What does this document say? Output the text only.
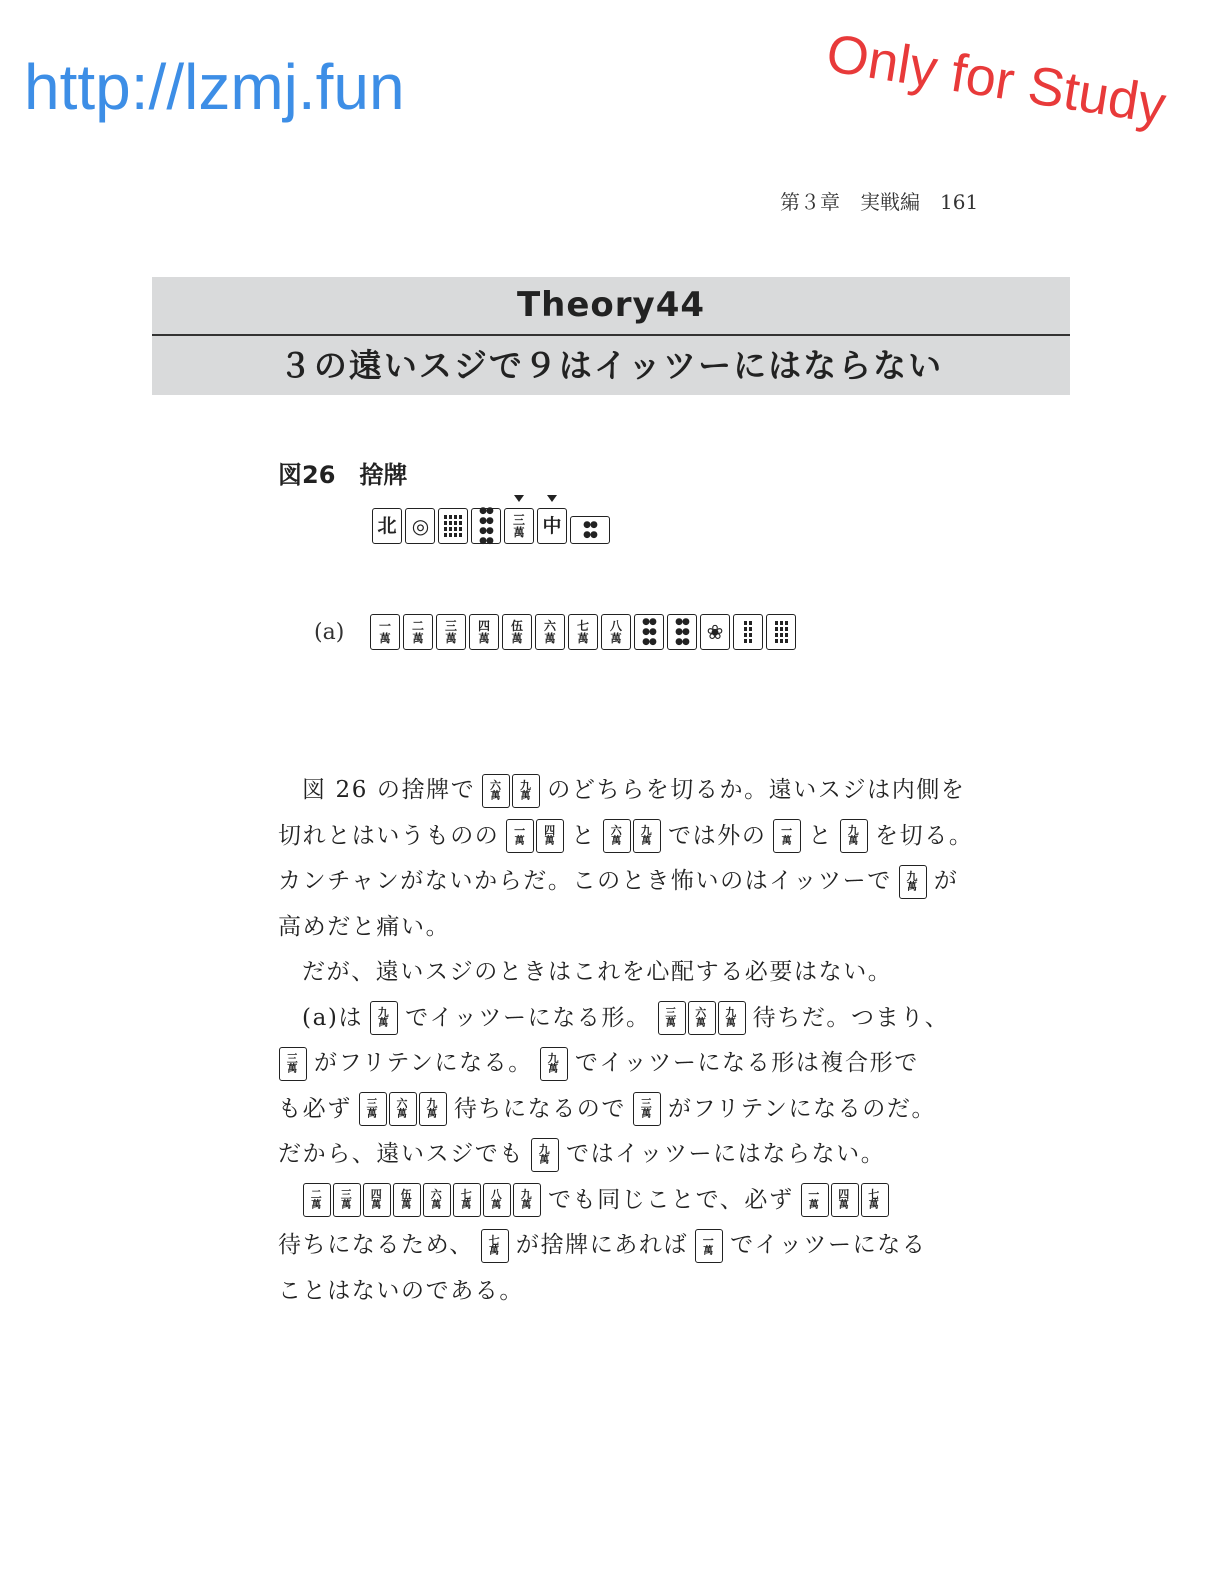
http://lzmj.fun	Only for Study
第３章　実戦編　161
Theory44
３の遠いスジで９はイッツーにはならない
図26　捨牌
北 ◎
●●
●●
●●
●●
三
萬 中 ●●
●●
(a)	一
萬
二
萬
三
萬
四
萬
伍
萬
六
萬
七
萬
八
萬
●●
●●
●●
●●
●●
●● ❀
図 26 の捨牌で 六
萬
九
萬 のどちらを切るか。遠いスジは内側を
切れとはいうものの 一
萬
四
萬 と 六
萬
九
萬 では外の 一
萬 と 九
萬 を切る。
カンチャンがないからだ。このとき怖いのはイッツーで 九
萬 が
高めだと痛い。
だが、遠いスジのときはこれを心配する必要はない。
(a)は 九
萬 でイッツーになる形。 三
萬
六
萬
九
萬 待ちだ。つまり、
三
萬 がフリテンになる。 九
萬 でイッツーになる形は複合形で
も必ず 三
萬
六
萬
九
萬 待ちになるので 三
萬 がフリテンになるのだ。
だから、遠いスジでも 九
萬 ではイッツーにはならない。
二
萬
三
萬
四
萬
伍
萬
六
萬
七
萬
八
萬
九
萬 でも同じことで、必ず 一
萬
四
萬
七
萬
待ちになるため、 七
萬 が捨牌にあれば 一
萬 でイッツーになる
ことはないのである。
